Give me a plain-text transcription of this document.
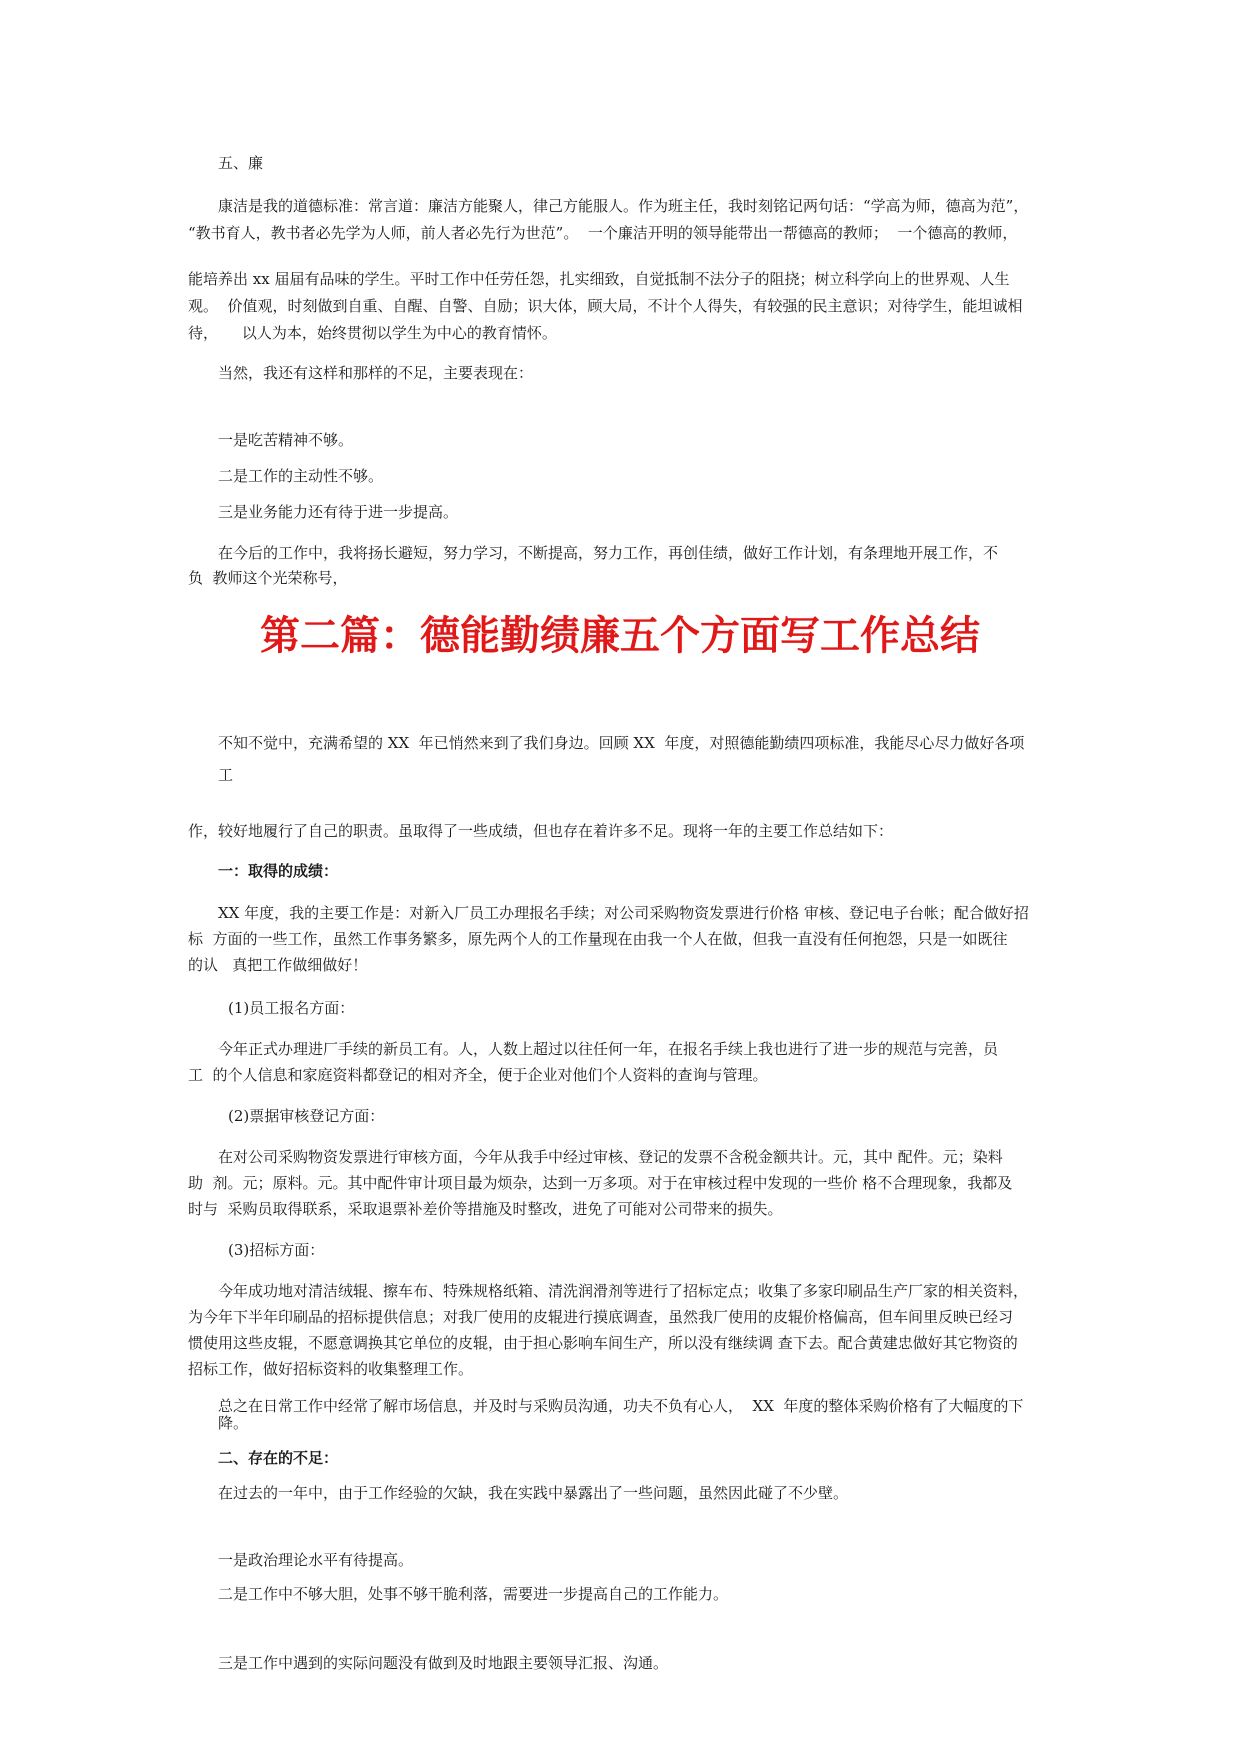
五、廉

康洁是我的道德标准：常言道：廉洁方能聚人，律己方能服人。作为班主任，我时刻铭记两句话：“学高为师，德高为范”，

“教书育人，教书者必先学为人师，前人者必先行为世范”。  一个廉洁开明的领导能带出一帮德高的教师；  一个德高的教师，

能培养出 xx 届届有品味的学生。平时工作中任劳任怨，扎实细致，自觉抵制不法分子的阻挠；树立科学向上的世界观、人生

观。  价值观，时刻做到自重、自醒、自警、自励；识大体，顾大局，不计个人得失，有较强的民主意识；对待学生，能坦诚相

待，     以人为本，始终贯彻以学生为中心的教育情怀。

当然，我还有这样和那样的不足，主要表现在：

一是吃苦精神不够。

二是工作的主动性不够。

三是业务能力还有待于进一步提高。

在今后的工作中，我将扬长避短，努力学习，不断提高，努力工作，再创佳绩，做好工作计划，有条理地开展工作，不

负  教师这个光荣称号，

第二篇：德能勤绩廉五个方面写工作总结

不知不觉中，充满希望的 XX  年已悄然来到了我们身边。回顾 XX  年度，对照德能勤绩四项标准，我能尽心尽力做好各项

工

作，较好地履行了自己的职责。虽取得了一些成绩，但也存在着许多不足。现将一年的主要工作总结如下：

一：取得的成绩：

XX 年度，我的主要工作是：对新入厂员工办理报名手续；对公司采购物资发票进行价格 审核、登记电子台帐；配合做好招

标  方面的一些工作，虽然工作事务繁多，原先两个人的工作量现在由我一个人在做，但我一直没有任何抱怨，只是一如既往

的认   真把工作做细做好！

(1)员工报名方面：

今年正式办理进厂手续的新员工有。人，人数上超过以往任何一年，在报名手续上我也进行了进一步的规范与完善，员

工  的个人信息和家庭资料都登记的相对齐全，便于企业对他们个人资料的查询与管理。

(2)票据审核登记方面：

在对公司采购物资发票进行审核方面，今年从我手中经过审核、登记的发票不含税金额共计。元，其中 配件。元；染料

助  剂。元；原料。元。其中配件审计项目最为烦杂，达到一万多项。对于在审核过程中发现的一些价 格不合理现象，我都及

时与  采购员取得联系，采取退票补差价等措施及时整改，进免了可能对公司带来的损失。

(3)招标方面：

今年成功地对清洁绒辊、擦车布、特殊规格纸箱、清洗润滑剂等进行了招标定点；收集了多家印刷品生产厂家的相关资料，

为今年下半年印刷品的招标提供信息；对我厂使用的皮辊进行摸底调查，虽然我厂使用的皮辊价格偏高，但车间里反映已经习

惯使用这些皮辊，不愿意调换其它单位的皮辊，由于担心影响车间生产，所以没有继续调 查下去。配合黄建忠做好其它物资的

招标工作，做好招标资料的收集整理工作。

总之在日常工作中经常了解市场信息，并及时与采购员沟通，功夫不负有心人，  XX  年度的整体采购价格有了大幅度的下

降。

二、存在的不足：

在过去的一年中，由于工作经验的欠缺，我在实践中暴露出了一些问题，虽然因此碰了不少壁。

一是政治理论水平有待提高。

二是工作中不够大胆，处事不够干脆利落，需要进一步提高自己的工作能力。

三是工作中遇到的实际问题没有做到及时地跟主要领导汇报、沟通。
